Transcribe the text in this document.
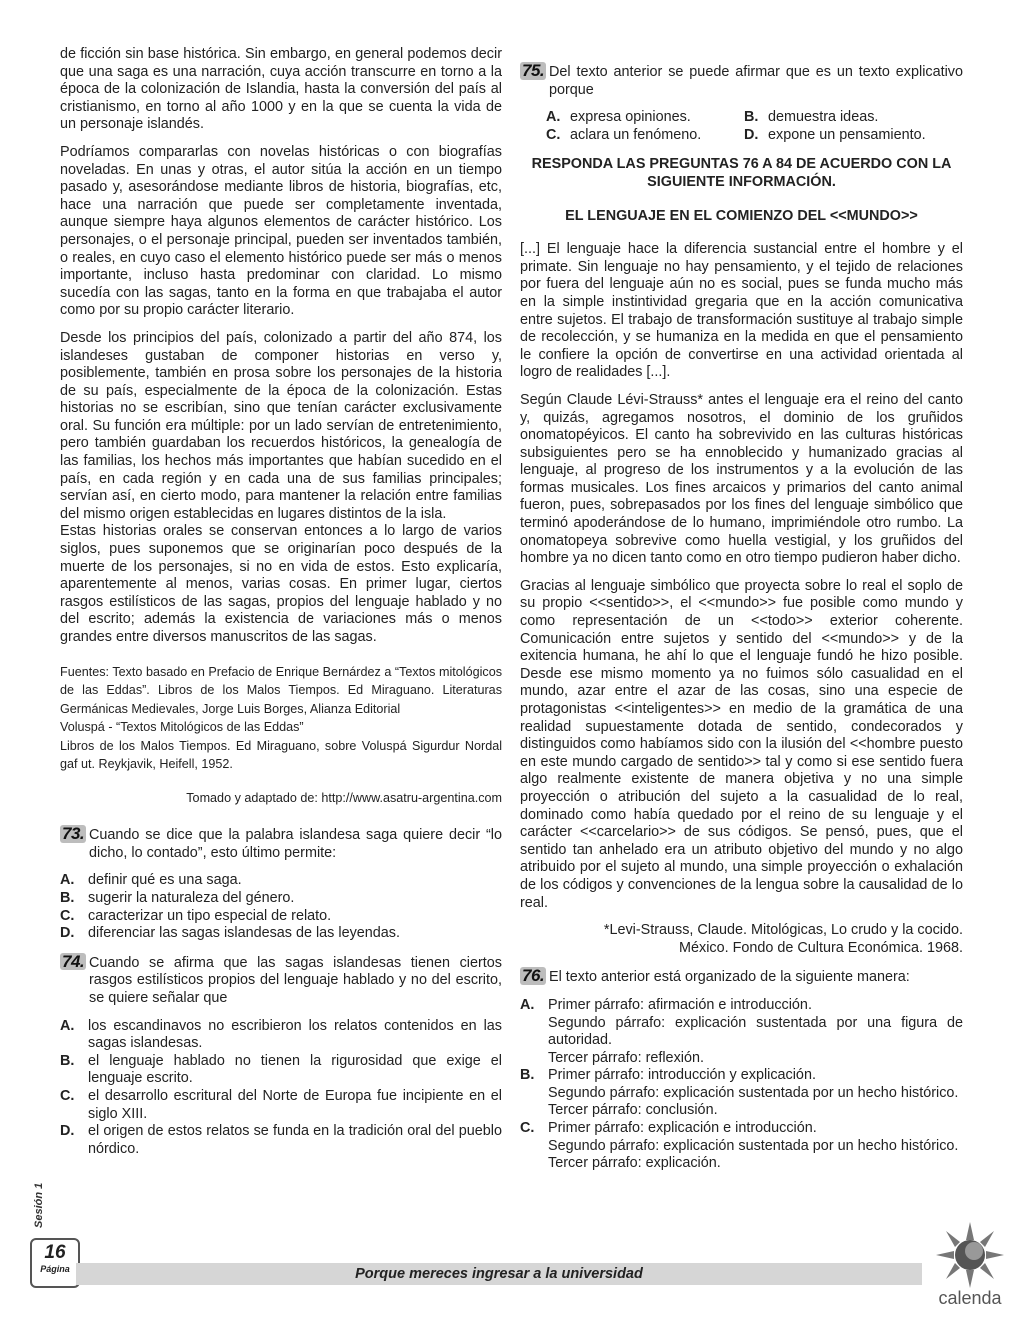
de ficción sin base histórica. Sin embargo, en general podemos decir que una saga es una narración, cuya acción transcurre en torno a la época de la colonización de Islandia, hasta la conversión del país al cristianismo, en torno al año 1000 y en la que se cuenta la vida de un personaje islandés.

Podríamos compararlas con novelas históricas o con biografías noveladas. En unas y otras, el autor sitúa la acción en un tiempo pasado y, asesorándose mediante libros de historia, biografías, etc, hace una narración que puede ser completamente inventada, aunque siempre haya algunos elementos de carácter histórico. Los personajes, o el personaje principal, pueden ser inventados también, o reales, en cuyo caso el elemento histórico puede ser más o menos importante, incluso hasta predominar con claridad. Lo mismo sucedía con las sagas, tanto en la forma en que trabajaba el autor como por su propio carácter literario.

Desde los principios del país, colonizado a partir del año 874, los islandeses gustaban de componer historias en verso y, posiblemente, también en prosa sobre los personajes de la historia de su país, especialmente de la época de la colonización. Estas historias no se escribían, sino que tenían carácter exclusivamente oral. Su función era múltiple: por un lado servían de entretenimiento, pero también guardaban los recuerdos históricos, la genealogía de las familias, los hechos más importantes que habían sucedido en el país, en cada región y en cada una de sus familias principales; servían así, en cierto modo, para mantener la relación entre familias del mismo origen establecidas en lugares distintos de la isla.

Estas historias orales se conservan entonces a lo largo de varios siglos, pues suponemos que se originarían poco después de la muerte de los personajes, si no en vida de estos. Esto explicaría, aparentemente al menos, varias cosas. En primer lugar, ciertos rasgos estilísticos de las sagas, propios del lenguaje hablado y no del escrito; además la existencia de variaciones más o menos grandes entre diversos manuscritos de las sagas.

Fuentes: Texto basado en Prefacio de Enrique Bernárdez a “Textos mitológicos de las Eddas”. Libros de los Malos Tiempos. Ed Miraguano. Literaturas Germánicas Medievales, Jorge Luis Borges, Alianza Editorial

Voluspá - “Textos Mitológicos de las Eddas”

Libros de los Malos Tiempos. Ed Miraguano, sobre Voluspá Sigurdur Nordal gaf ut. Reykjavik, Heifell, 1952.

Tomado y adaptado de: http://www.asatru-argentina.com
73. Cuando se dice que la palabra islandesa saga quiere decir “lo dicho, lo contado”, esto último permite:

A. definir qué es una saga.
B. sugerir la naturaleza del género.
C. caracterizar un tipo especial de relato.
D. diferenciar las sagas islandesas de las leyendas.
74. Cuando se afirma que las sagas islandesas tienen ciertos rasgos estilísticos propios del lenguaje hablado y no del escrito, se quiere señalar que

A. los escandinavos no escribieron los relatos contenidos en las sagas islandesas.
B. el lenguaje hablado no tienen la rigurosidad que exige el lenguaje escrito.
C. el desarrollo escritural del Norte de Europa fue incipiente en el siglo XIII.
D. el origen de estos relatos se funda en la tradición oral del pueblo nórdico.
75. Del texto anterior se puede afirmar que es un texto explicativo porque

A. expresa opiniones.	B. demuestra ideas.
C. aclara un fenómeno.	D. expone un pensamiento.
RESPONDA LAS PREGUNTAS 76 A 84 DE ACUERDO CON LA SIGUIENTE INFORMACIÓN.
EL LENGUAJE EN EL COMIENZO DEL <<MUNDO>>

[...] El lenguaje hace la diferencia sustancial entre el hombre y el primate. Sin lenguaje no hay pensamiento, y el tejido de relaciones por fuera del lenguaje aún no es social, pues se funda mucho más en la simple instintividad gregaria que en la acción comunicativa entre sujetos. El trabajo de transformación sustituye al trabajo simple de recolección, y se humaniza en la medida en que el pensamiento le confiere la opción de convertirse en una actividad orientada al logro de realidades [...].

Según Claude Lévi-Strauss* antes el lenguaje era el reino del canto y, quizás, agregamos nosotros, el dominio de los gruñidos onomatopéyicos. El canto ha sobrevivido en las culturas históricas subsiguientes pero se ha ennoblecido y humanizado gracias al lenguaje, al progreso de los instrumentos y a la evolución de las formas musicales. Los fines arcaicos y primarios del canto animal fueron, pues, sobrepasados por los fines del lenguaje simbólico que terminó apoderándose de lo humano, imprimiéndole otro rumbo. La onomatopeya sobrevive como huella vestigial, y los gruñidos del hombre ya no dicen tanto como en otro tiempo pudieron haber dicho.

Gracias al lenguaje simbólico que proyecta sobre lo real el soplo de su propio <<sentido>>, el <<mundo>> fue posible como mundo y como representación de un <<todo>> exterior coherente. Comunicación entre sujetos y sentido del <<mundo>> y de la exitencia humana, he ahí lo que el lenguaje fundó he hizo posible. Desde ese mismo momento ya no fuimos sólo casualidad en el mundo, azar entre el azar de las cosas, sino una especie de protagonistas <<inteligentes>> en medio de la gramática de una realidad supuestamente dotada de sentido, condecorados y distinguidos como habíamos sido con la ilusión del <<hombre puesto en este mundo cargado de sentido>> tal y como si ese sentido fuera algo realmente existente de manera objetiva y no una simple proyección o atribución del sujeto a la casualidad de lo real, dominado como había quedado por el reino de su lenguaje y el carácter <<carcelario>> de sus códigos. Se pensó, pues, que el sentido tan anhelado era un atributo objetivo del mundo y no algo atribuido por el sujeto al mundo, una simple proyección o exhalación de los códigos y convenciones de la lengua sobre la causalidad de lo real.

*Levi-Strauss, Claude. Mitológicas, Lo crudo y la cocido.
México. Fondo de Cultura Económica. 1968.
76. El texto anterior está organizado de la siguiente manera:

A. Primer párrafo: afirmación e introducción.
Segundo párrafo: explicación sustentada por una figura de autoridad.
Tercer párrafo: reflexión.
B. Primer párrafo: introducción y explicación.
Segundo párrafo: explicación sustentada por un hecho histórico.
Tercer párrafo: conclusión.
C. Primer párrafo: explicación e introducción.
Segundo párrafo: explicación sustentada por un hecho histórico.
Tercer párrafo: explicación.
Sesión 1
16
Página	Porque mereces ingresar a la universidad
calenda
